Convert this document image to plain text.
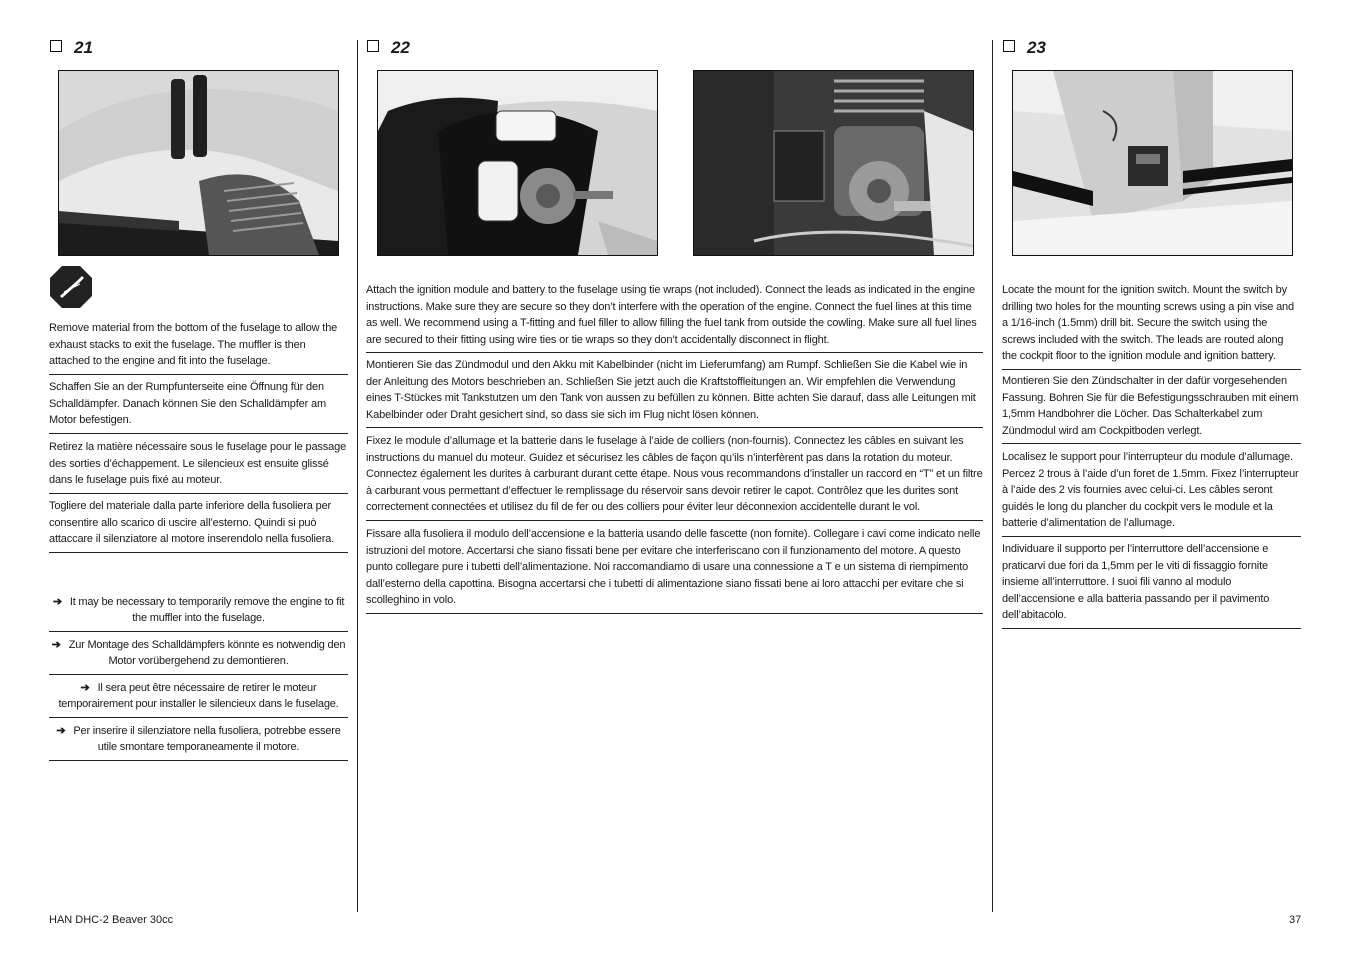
21	22	23
Remove material from the bottom of the fuselage to allow the exhaust stacks to exit the fuselage. The muffler is then attached to the engine and fit into the fuselage.
Schaffen Sie an der Rumpfunterseite eine Öffnung für den Schalldämpfer. Danach können Sie den Schalldämpfer am Motor befestigen.
Retirez la matière nécessaire sous le fuselage pour le passage des sorties d’échappement. Le silencieux est ensuite glissé dans le fuselage puis fixé au moteur.
Togliere del materiale dalla parte inferiore della fusoliera per consentire allo scarico di uscire all’esterno. Quindi si può attaccare il silenziatore al motore inserendolo nella fusoliera.
➔ It may be necessary to temporarily remove the engine to fit the muffler into the fuselage.
➔ Zur Montage des Schalldämpfers könnte es notwendig den Motor vorübergehend zu demontieren.
➔ Il sera peut être nécessaire de retirer le moteur temporairement pour installer le silencieux dans le fuselage.
➔ Per inserire il silenziatore nella fusoliera, potrebbe essere utile smontare temporaneamente il motore.
Attach the ignition module and battery to the fuselage using tie wraps (not included). Connect the leads as indicated in the engine instructions. Make sure they are secure so they don’t interfere with the operation of the engine. Connect the fuel lines at this time as well. We recommend using a T-fitting and fuel filler to allow filling the fuel tank from outside the cowling. Make sure all fuel lines are secured to their fitting using wire ties or tie wraps so they don’t accidentally disconnect in flight.
Montieren Sie das Zündmodul und den Akku mit Kabelbinder (nicht im Lieferumfang) am Rumpf. Schließen Sie die Kabel wie in der Anleitung des Motors beschrieben an. Schließen Sie jetzt auch die Kraftstoffleitungen an. Wir empfehlen die Verwendung eines T-Stückes mit Tankstutzen um den Tank von aussen zu befüllen zu können. Bitte achten Sie darauf, dass alle Leitungen mit Kabelbinder oder Draht gesichert sind, so dass sie sich im Flug nicht lösen können.
Fixez le module d’allumage et la batterie dans le fuselage à l’aide de colliers (non-fournis). Connectez les câbles en suivant les instructions du manuel du moteur. Guidez et sécurisez les câbles de façon qu’ils n’interfèrent pas dans la rotation du moteur. Connectez également les durites à carburant durant cette étape. Nous vous recommandons d’installer un raccord en “T” et un filtre à carburant vous permettant d’effectuer le remplissage du réservoir sans devoir retirer le capot. Contrôlez que les durites sont correctement connectées et utilisez du fil de fer ou des colliers pour éviter leur déconnexion accidentelle durant le vol.
Fissare alla fusoliera il modulo dell’accensione e la batteria usando delle fascette (non fornite). Collegare i cavi come indicato nelle istruzioni del motore. Accertarsi che siano fissati bene per evitare che interferiscano con il funzionamento del motore. A questo punto collegare pure i tubetti dell’alimentazione. Noi raccomandiamo di usare una connessione a T e un sistema di riempimento dall’esterno della capottina. Bisogna accertarsi che i tubetti di alimentazione siano fissati bene ai loro attacchi per evitare che si scolleghino in volo.
Locate the mount for the ignition switch. Mount the switch by drilling two holes for the mounting screws using a pin vise and a 1/16-inch (1.5mm) drill bit. Secure the switch using the screws included with the switch. The leads are routed along the cockpit floor to the ignition module and ignition battery.
Montieren Sie den Zündschalter in der dafür vorgesehenden Fassung. Bohren Sie für die Befestigungsschrauben mit einem 1,5mm Handbohrer die Löcher. Das Schalterkabel zum Zündmodul wird am Cockpitboden verlegt.
Localisez le support pour l’interrupteur du module d’allumage. Percez 2 trous à l’aide d’un foret de 1.5mm. Fixez l’interrupteur à l’aide des 2 vis fournies avec celui-ci. Les câbles seront guidés le long du plancher du cockpit vers le module et la batterie d’alimentation de l’allumage.
Individuare il supporto per l’interruttore dell’accensione e praticarvi due fori da 1,5mm per le viti di fissaggio fornite insieme all’interruttore. I suoi fili vanno al modulo dell’accensione e alla batteria passando per il pavimento dell’abitacolo.
HAN DHC-2 Beaver 30cc	37
